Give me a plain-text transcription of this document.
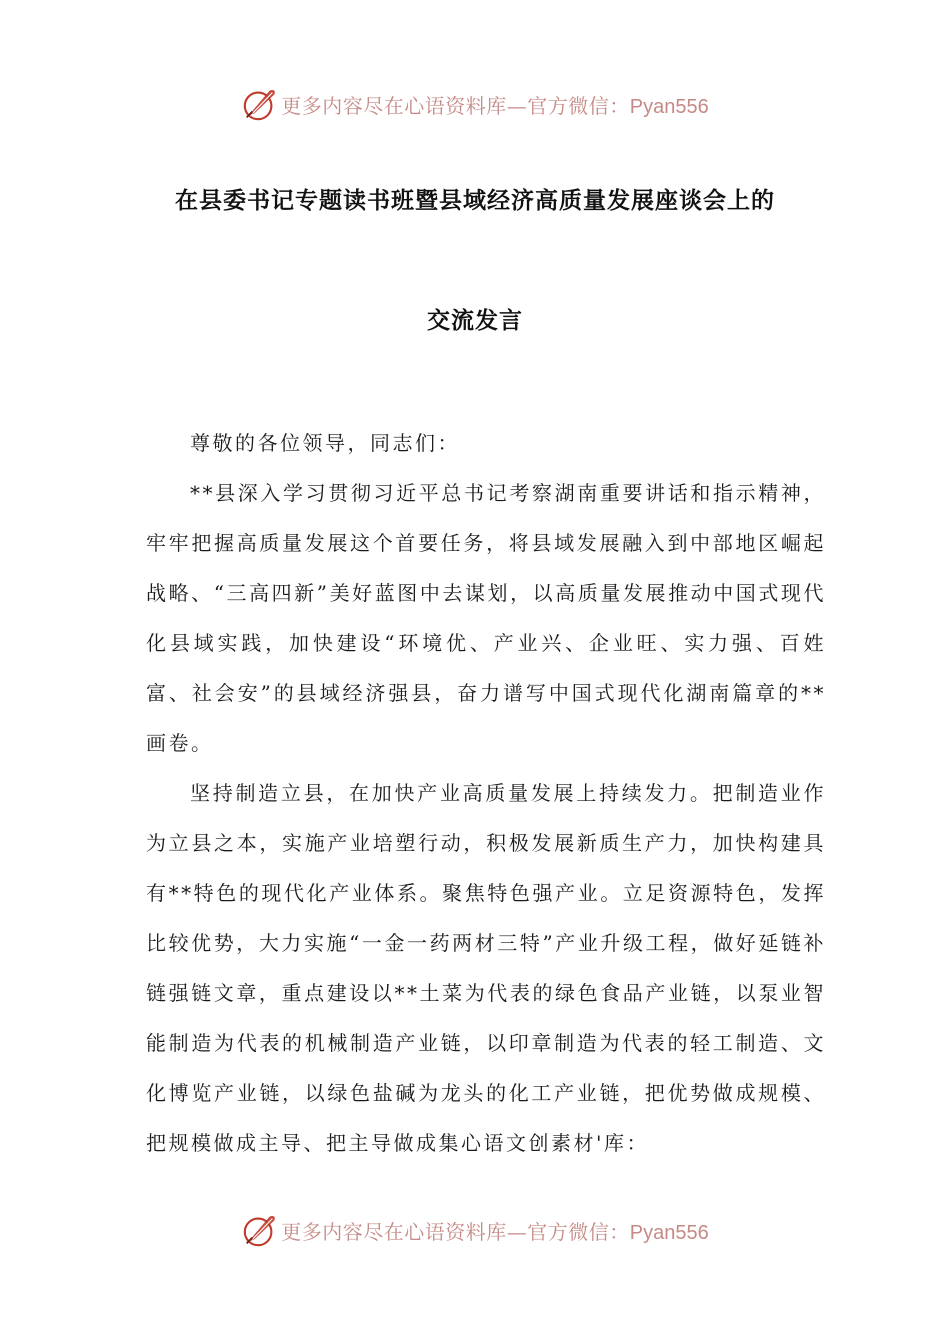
更多内容尽在心语资料库—官方微信：Pyan556
在县委书记专题读书班暨县域经济高质量发展座谈会上的
交流发言

尊敬的各位领导，同志们：

**县深入学习贯彻习近平总书记考察湖南重要讲话和指示精神，牢牢把握高质量发展这个首要任务，将县域发展融入到中部地区崛起战略、“三高四新”美好蓝图中去谋划，以高质量发展推动中国式现代化县域实践，加快建设“环境优、产业兴、企业旺、实力强、百姓富、社会安”的县域经济强县，奋力谱写中国式现代化湖南篇章的**画卷。

坚持制造立县，在加快产业高质量发展上持续发力。把制造业作为立县之本，实施产业培塑行动，积极发展新质生产力，加快构建具有**特色的现代化产业体系。聚焦特色强产业。立足资源特色，发挥比较优势，大力实施“一金一药两材三特”产业升级工程，做好延链补链强链文章，重点建设以**土菜为代表的绿色食品产业链，以泵业智能制造为代表的机械制造产业链，以印章制造为代表的轻工制造、文化博览产业链，以绿色盐碱为龙头的化工产业链，把优势做成规模、把规模做成主导、把主导做成集心语文创素材'库：

更多内容尽在心语资料库—官方微信：Pyan556
